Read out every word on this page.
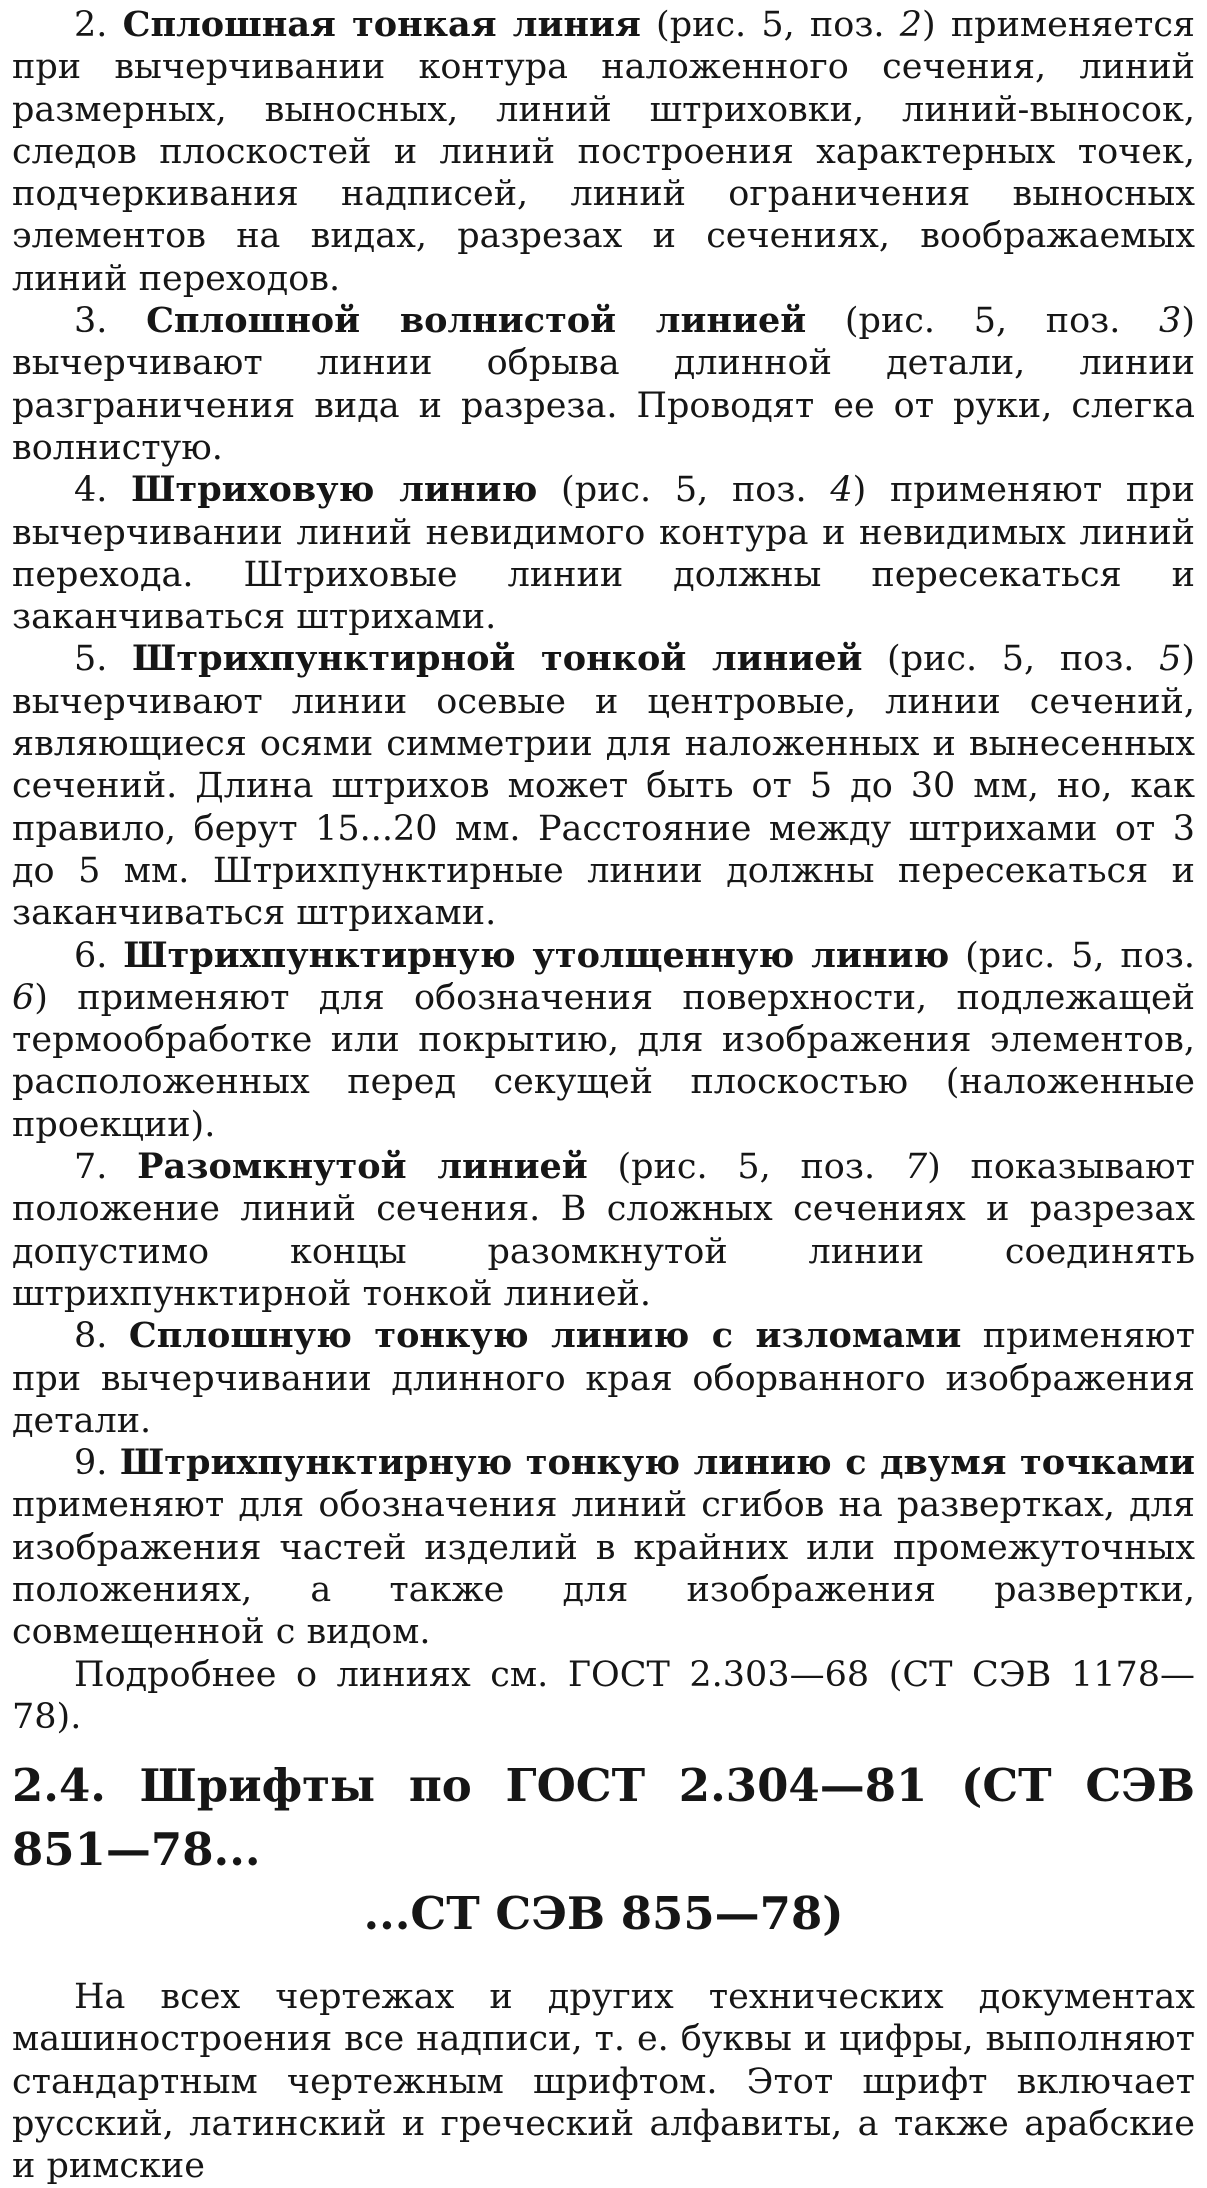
2. Сплошная тонкая линия (рис. 5, поз. 2) применяется при вычерчивании контура наложенного сечения, линий размерных, выносных, линий штриховки, линий-выносок, следов плоскостей и линий построения характерных точек, подчеркивания надписей, линий ограничения выносных элементов на видах, разрезах и сечениях, воображаемых линий переходов.

3. Сплошной волнистой линией (рис. 5, поз. 3) вычерчивают линии обрыва длинной детали, линии разграничения вида и разреза. Проводят ее от руки, слегка волнистую.

4. Штриховую линию (рис. 5, поз. 4) применяют при вычерчивании линий невидимого контура и невидимых линий перехода. Штриховые линии должны пересекаться и заканчиваться штрихами.

5. Штрихпунктирной тонкой линией (рис. 5, поз. 5) вычерчивают линии осевые и центровые, линии сечений, являющиеся осями симметрии для наложенных и вынесенных сечений. Длина штрихов может быть от 5 до 30 мм, но, как правило, берут 15...20 мм. Расстояние между штрихами от 3 до 5 мм. Штрихпунктирные линии должны пересекаться и заканчиваться штрихами.

6. Штрихпунктирную утолщенную линию (рис. 5, поз. 6) применяют для обозначения поверхности, подлежащей термообработке или покрытию, для изображения элементов, расположенных перед секущей плоскостью (наложенные проекции).

7. Разомкнутой линией (рис. 5, поз. 7) показывают положение линий сечения. В сложных сечениях и разрезах допустимо концы разомкнутой линии соединять штрихпунктирной тонкой линией.

8. Сплошную тонкую линию с изломами применяют при вычерчивании длинного края оборванного изображения детали.

9. Штрихпунктирную тонкую линию с двумя точками применяют для обозначения линий сгибов на развертках, для изображения частей изделий в крайних или промежуточных положениях, а также для изображения развертки, совмещенной с видом.

Подробнее о линиях см. ГОСТ 2.303—68 (СТ СЭВ 1178—78).

2.4. Шрифты по ГОСТ 2.304—81 (СТ СЭВ 851—78...
...СТ СЭВ 855—78)

На всех чертежах и других технических документах машиностроения все надписи, т. е. буквы и цифры, выполняют стандартным чертежным шрифтом. Этот шрифт включает русский, латинский и греческий алфавиты, а также арабские и римские
